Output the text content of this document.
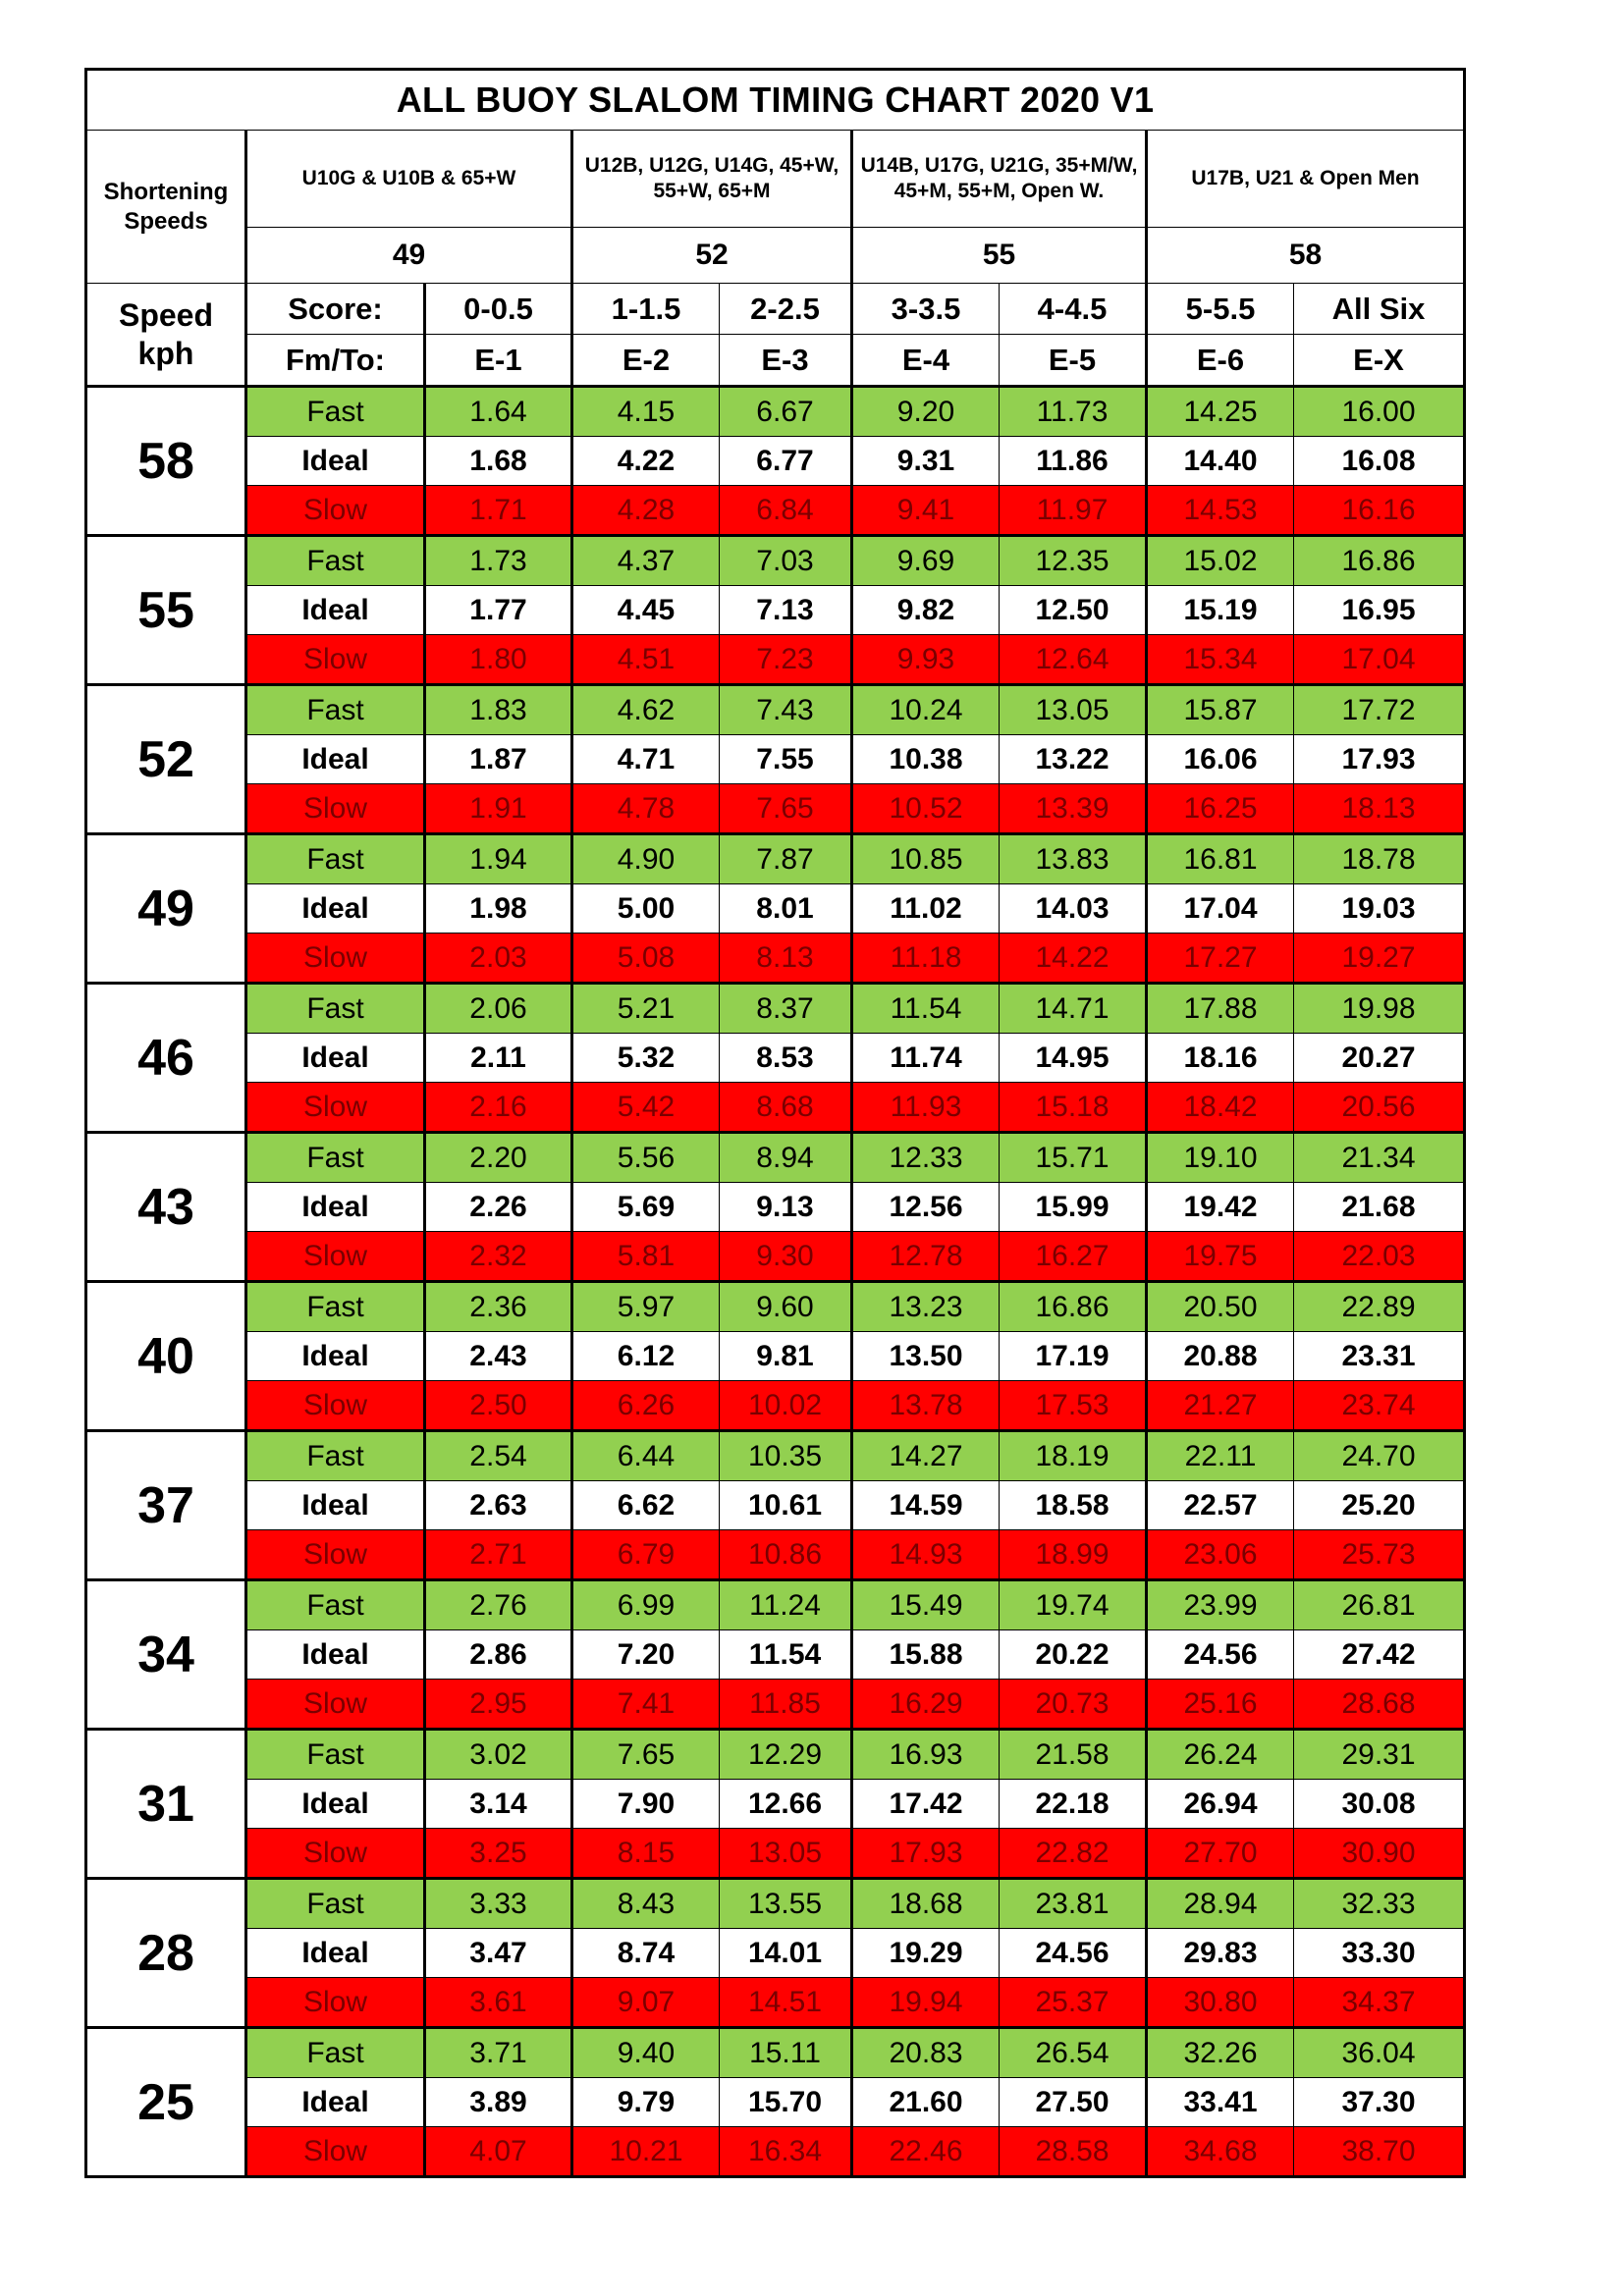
ALL BUOY SLALOM TIMING CHART 2020 V1								
Shortening Speeds	U10G & U10B & 65+W		U12B, U12G, U14G, 45+W, 55+W, 65+M		U14B, U17G, U21G, 35+M/W, 45+M, 55+M, Open W.		U17B, U21 & Open Men	
	49		52		55		58	
Speed kph	Score:	0-0.5	1-1.5	2-2.5	3-3.5	4-4.5	5-5.5	All Six
	Fm/To:	E-1	E-2	E-3	E-4	E-5	E-6	E-X
58	Fast	1.64	4.15	6.67	9.20	11.73	14.25	16.00
	Ideal	1.68	4.22	6.77	9.31	11.86	14.40	16.08
	Slow	1.71	4.28	6.84	9.41	11.97	14.53	16.16
55	Fast	1.73	4.37	7.03	9.69	12.35	15.02	16.86
	Ideal	1.77	4.45	7.13	9.82	12.50	15.19	16.95
	Slow	1.80	4.51	7.23	9.93	12.64	15.34	17.04
52	Fast	1.83	4.62	7.43	10.24	13.05	15.87	17.72
	Ideal	1.87	4.71	7.55	10.38	13.22	16.06	17.93
	Slow	1.91	4.78	7.65	10.52	13.39	16.25	18.13
49	Fast	1.94	4.90	7.87	10.85	13.83	16.81	18.78
	Ideal	1.98	5.00	8.01	11.02	14.03	17.04	19.03
	Slow	2.03	5.08	8.13	11.18	14.22	17.27	19.27
46	Fast	2.06	5.21	8.37	11.54	14.71	17.88	19.98
	Ideal	2.11	5.32	8.53	11.74	14.95	18.16	20.27
	Slow	2.16	5.42	8.68	11.93	15.18	18.42	20.56
43	Fast	2.20	5.56	8.94	12.33	15.71	19.10	21.34
	Ideal	2.26	5.69	9.13	12.56	15.99	19.42	21.68
	Slow	2.32	5.81	9.30	12.78	16.27	19.75	22.03
40	Fast	2.36	5.97	9.60	13.23	16.86	20.50	22.89
	Ideal	2.43	6.12	9.81	13.50	17.19	20.88	23.31
	Slow	2.50	6.26	10.02	13.78	17.53	21.27	23.74
37	Fast	2.54	6.44	10.35	14.27	18.19	22.11	24.70
	Ideal	2.63	6.62	10.61	14.59	18.58	22.57	25.20
	Slow	2.71	6.79	10.86	14.93	18.99	23.06	25.73
34	Fast	2.76	6.99	11.24	15.49	19.74	23.99	26.81
	Ideal	2.86	7.20	11.54	15.88	20.22	24.56	27.42
	Slow	2.95	7.41	11.85	16.29	20.73	25.16	28.68
31	Fast	3.02	7.65	12.29	16.93	21.58	26.24	29.31
	Ideal	3.14	7.90	12.66	17.42	22.18	26.94	30.08
	Slow	3.25	8.15	13.05	17.93	22.82	27.70	30.90
28	Fast	3.33	8.43	13.55	18.68	23.81	28.94	32.33
	Ideal	3.47	8.74	14.01	19.29	24.56	29.83	33.30
	Slow	3.61	9.07	14.51	19.94	25.37	30.80	34.37
25	Fast	3.71	9.40	15.11	20.83	26.54	32.26	36.04
	Ideal	3.89	9.79	15.70	21.60	27.50	33.41	37.30
	Slow	4.07	10.21	16.34	22.46	28.58	34.68	38.70
